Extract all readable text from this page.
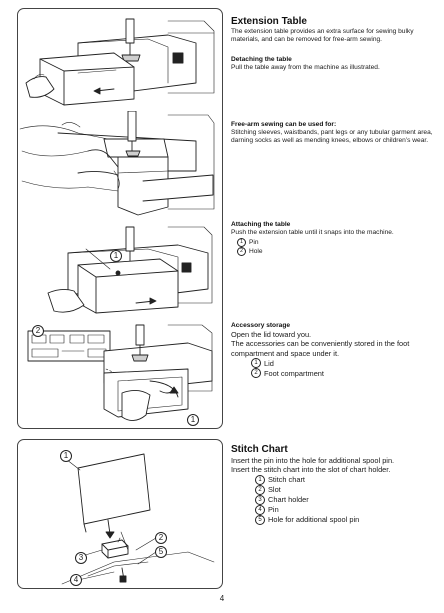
1
2
1
1
2
3
5
4
Extension Table

The extension table provides an extra surface for sewing bulky materials, and can be removed for free-arm sewing.

Detaching the table

Pull the table away from the machine as illustrated.

Free-arm sewing can be used for:

Stitching sleeves, waistbands, pant legs or any tubular garment area, darning socks as well as mending knees, elbows or children’s wear.

Attaching the table

Push the extension table until it snaps into the machine.

1 Pin
2 Hole
Accessory storage

Open the lid toward you.

The accessories can be conveniently stored in the foot compartment and space under it.

1 Lid
2 Foot compartment
Stitch Chart

Insert the pin into the hole for additional spool pin.

Insert the stitch chart into the slot of chart holder.

1 Stitch chart
2 Slot
3 Chart holder
4 Pin
5 Hole for additional spool pin
4
